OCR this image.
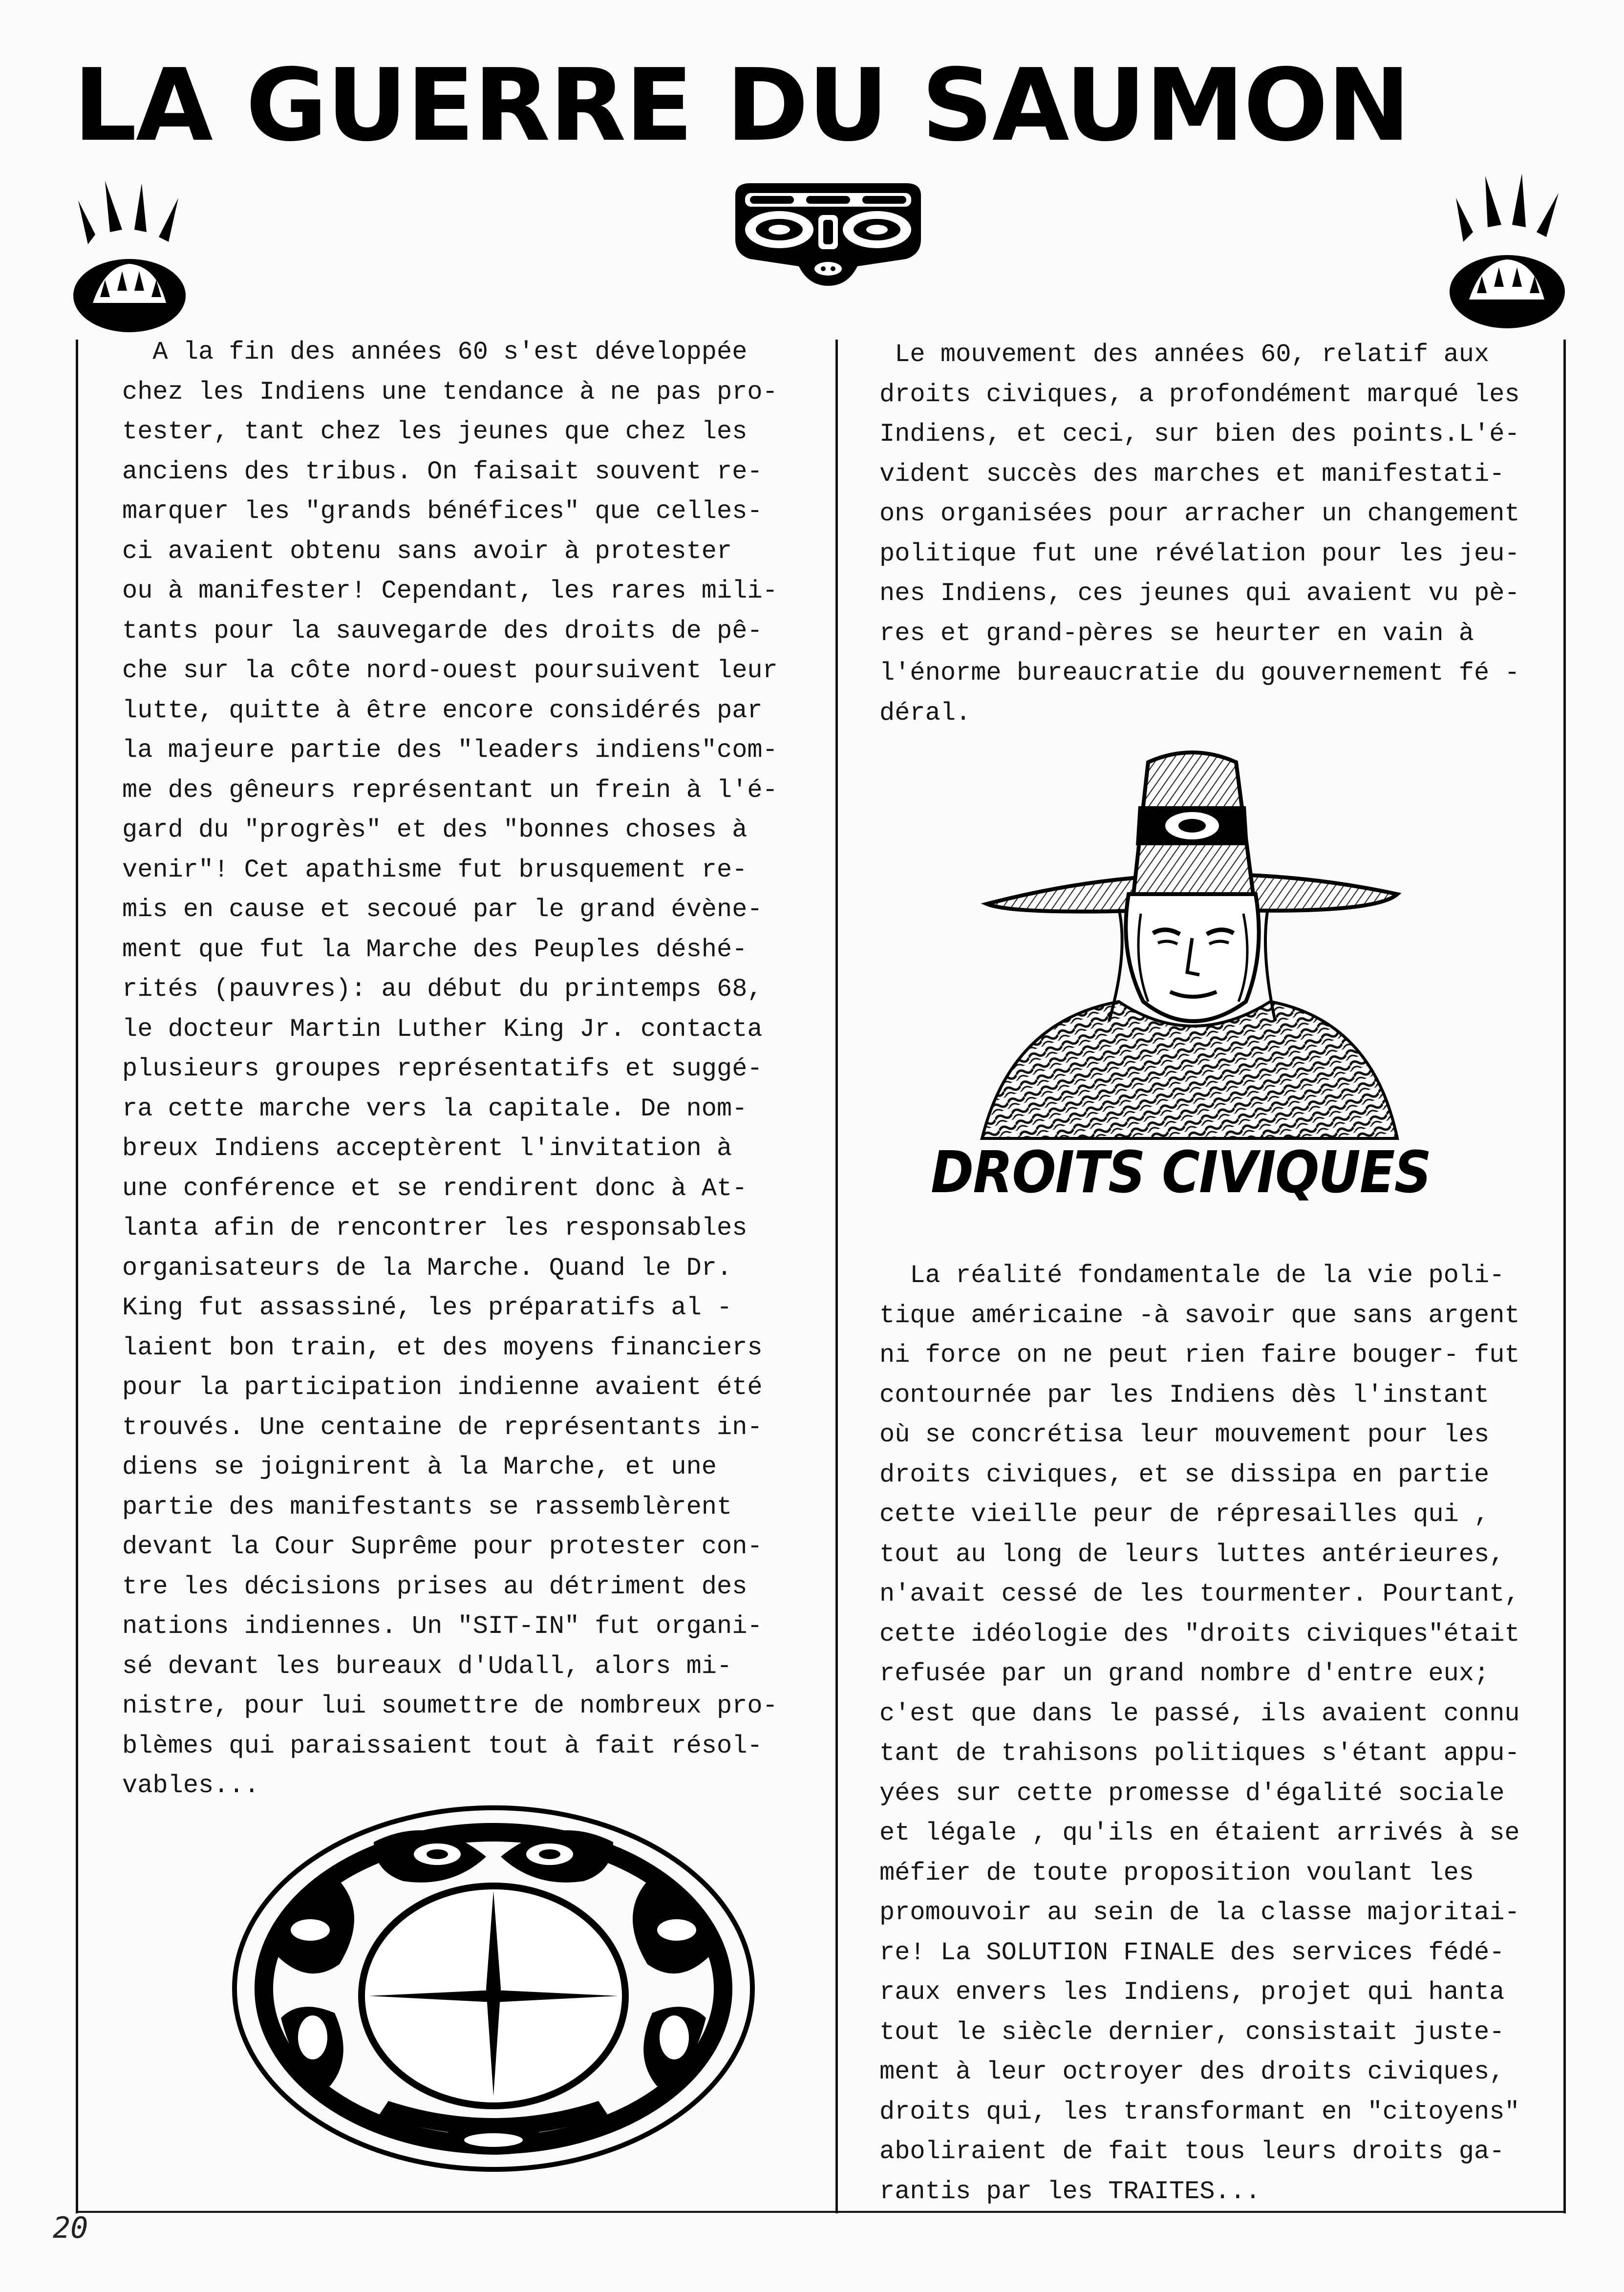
LA GUERRE DU SAUMON

A la fin des années 60 s'est développée

chez les Indiens une tendance à ne pas pro-

tester, tant chez les jeunes que chez les

anciens des tribus. On faisait souvent re-

marquer les "grands bénéfices" que celles-

ci avaient obtenu sans avoir à protester

ou à manifester! Cependant, les rares mili-

tants pour la sauvegarde des droits de pê-

che sur la côte nord-ouest poursuivent leur

lutte, quitte à être encore considérés par

la majeure partie des "leaders indiens"com-

me des gêneurs représentant un frein à l'é-

gard du "progrès" et des "bonnes choses à

venir"! Cet apathisme fut brusquement re-

mis en cause et secoué par le grand évène-

ment que fut la Marche des Peuples déshé-

rités (pauvres): au début du printemps 68,

le docteur Martin Luther King Jr. contacta

plusieurs groupes représentatifs et suggé-

ra cette marche vers la capitale. De nom-

breux Indiens acceptèrent l'invitation à

une conférence et se rendirent donc à At-

lanta afin de rencontrer les responsables

organisateurs de la Marche. Quand le Dr.

King fut assassiné, les préparatifs al -

laient bon train, et des moyens financiers

pour la participation indienne avaient été

trouvés. Une centaine de représentants in-

diens se joignirent à la Marche, et une

partie des manifestants se rassemblèrent

devant la Cour Suprême pour protester con-

tre les décisions prises au détriment des

nations indiennes. Un "SIT-IN" fut organi-

sé devant les bureaux d'Udall, alors mi-

nistre, pour lui soumettre de nombreux pro-

blèmes qui paraissaient tout à fait résol-

vables...

Le mouvement des années 60, relatif aux

droits civiques, a profondément marqué les

Indiens, et ceci, sur bien des points.L'é-

vident succès des marches et manifestati-

ons organisées pour arracher un changement

politique fut une révélation pour les jeu-

nes Indiens, ces jeunes qui avaient vu pè-

res et grand-pères se heurter en vain à

l'énorme bureaucratie du gouvernement fé -

déral.

DROITS CIVIQUES

La réalité fondamentale de la vie poli-

tique américaine -à savoir que sans argent

ni force on ne peut rien faire bouger- fut

contournée par les Indiens dès l'instant

où se concrétisa leur mouvement pour les

droits civiques, et se dissipa en partie

cette vieille peur de répresailles qui ,

tout au long de leurs luttes antérieures,

n'avait cessé de les tourmenter. Pourtant,

cette idéologie des "droits civiques"était

refusée par un grand nombre d'entre eux;

c'est que dans le passé, ils avaient connu

tant de trahisons politiques s'étant appu-

yées sur cette promesse d'égalité sociale

et légale , qu'ils en étaient arrivés à se

méfier de toute proposition voulant les

promouvoir au sein de la classe majoritai-

re! La SOLUTION FINALE des services fédé-

raux envers les Indiens, projet qui hanta

tout le siècle dernier, consistait juste-

ment à leur octroyer des droits civiques,

droits qui, les transformant en "citoyens"

aboliraient de fait tous leurs droits ga-

rantis par les TRAITES...

20
